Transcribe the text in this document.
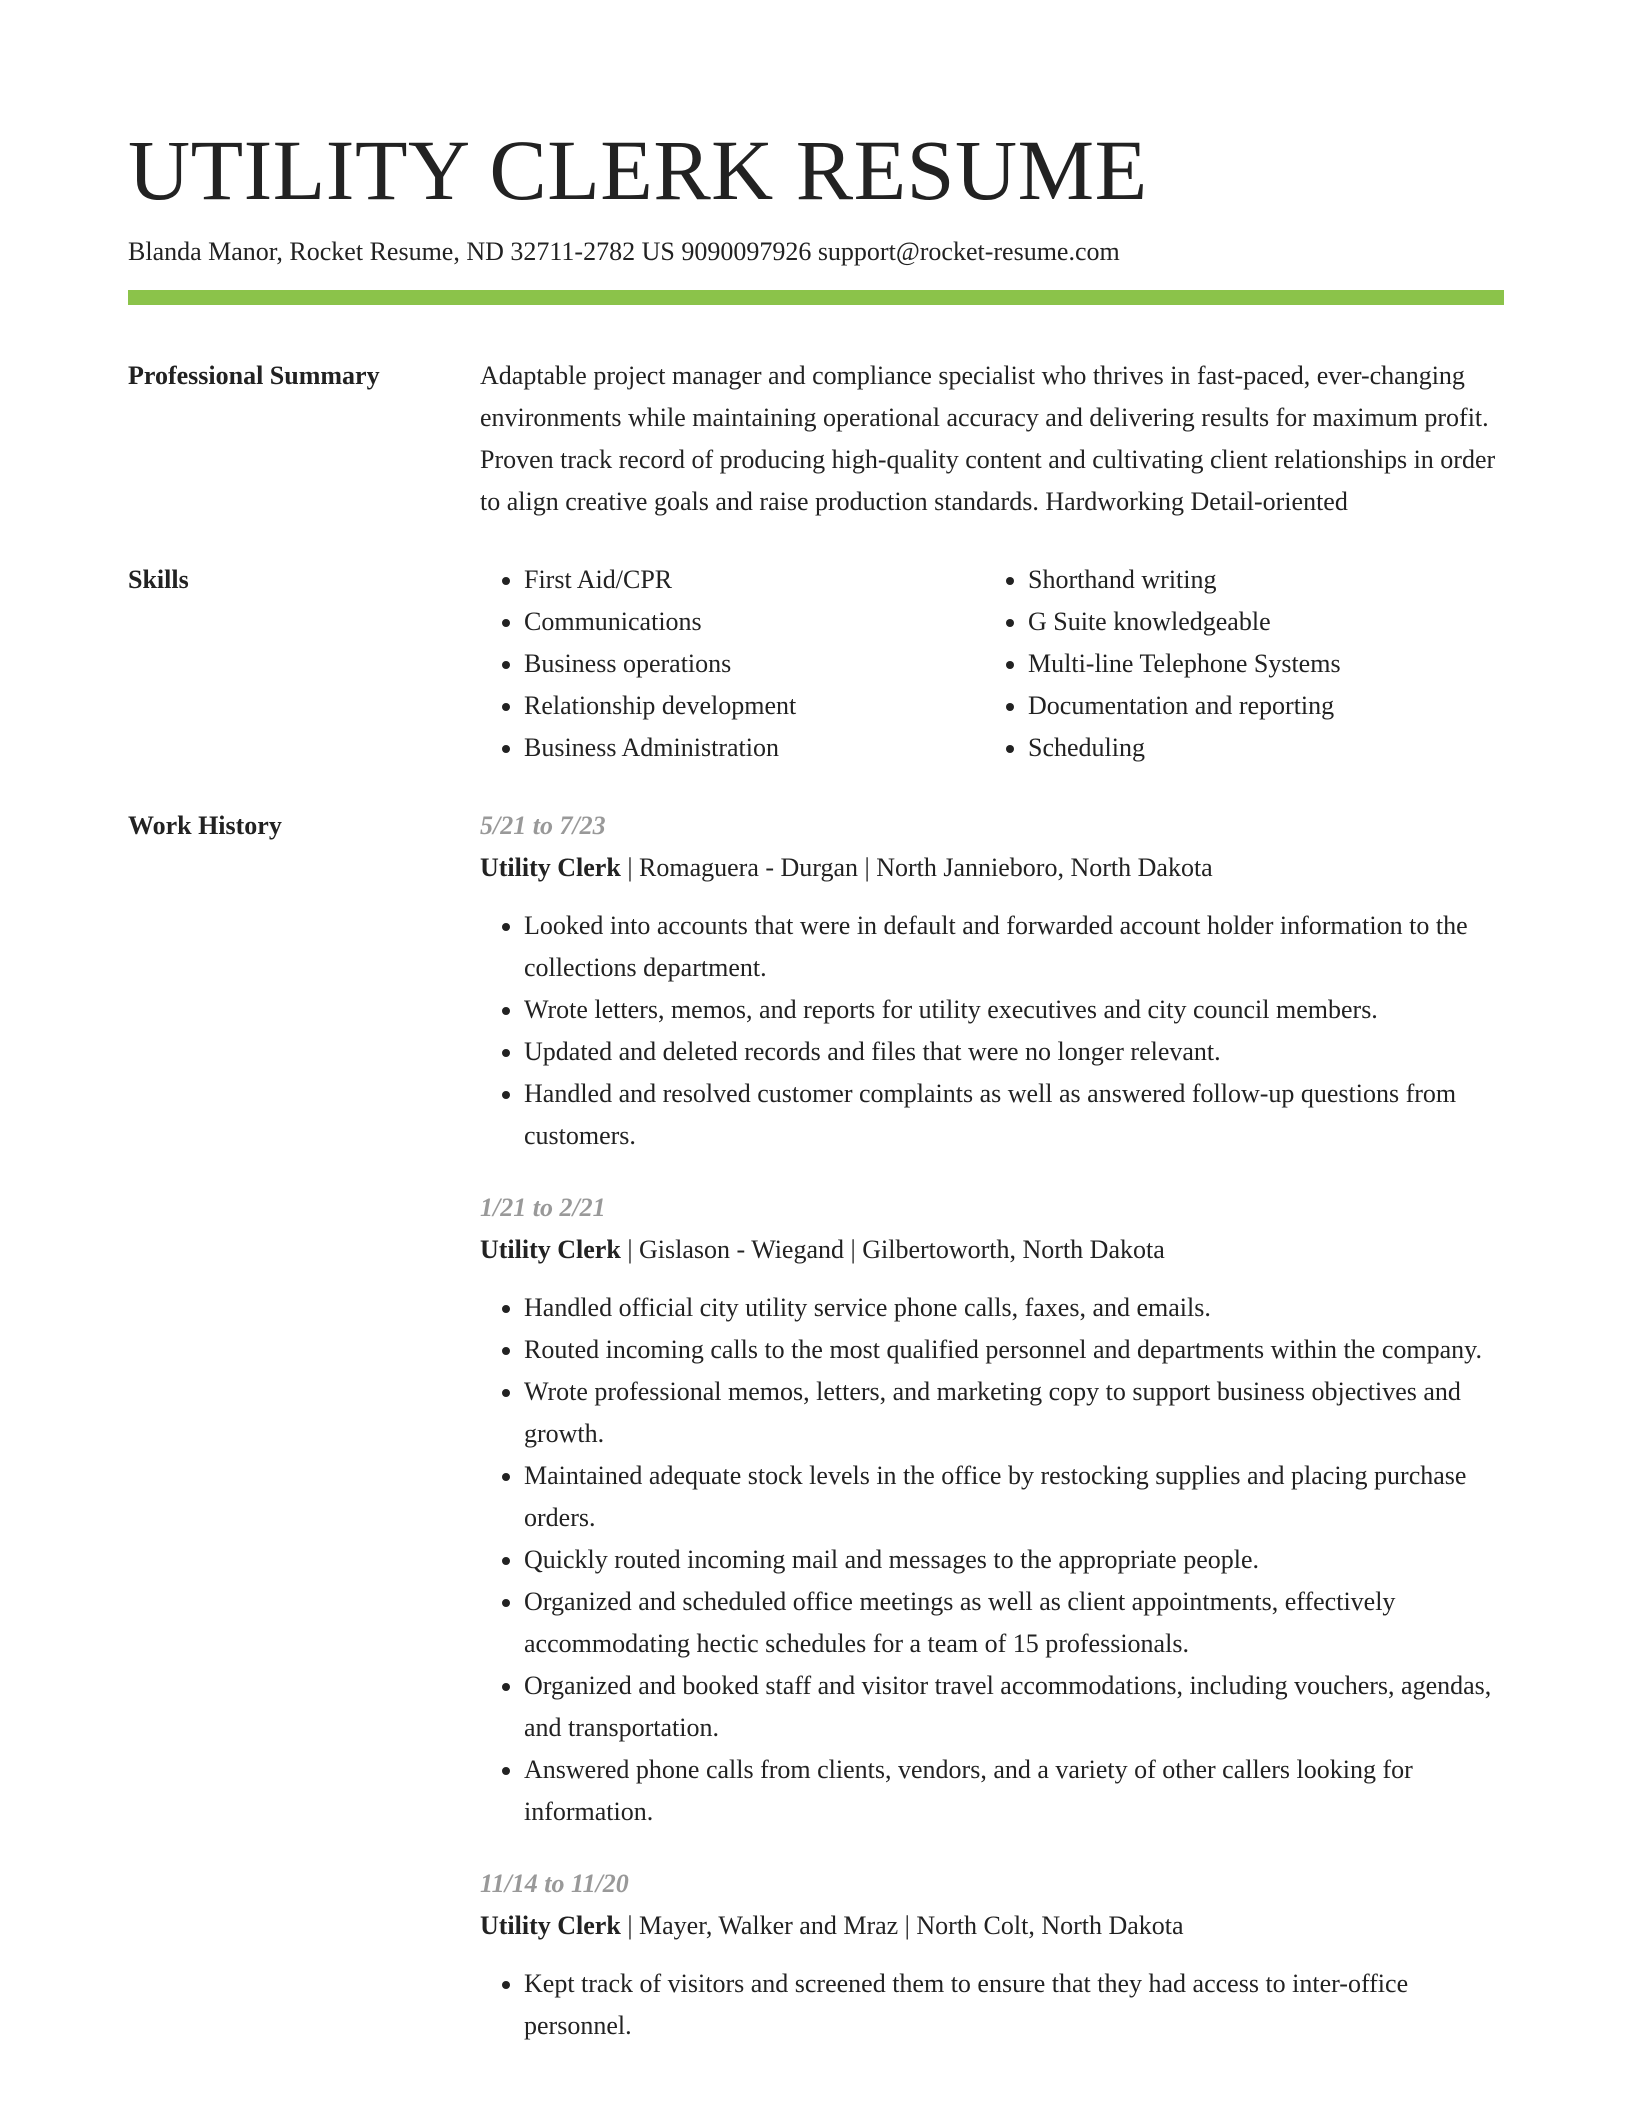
UTILITY CLERK RESUME
Blanda Manor, Rocket Resume, ND 32711-2782 US 9090097926 support@rocket-resume.com
Professional Summary	Adaptable project manager and compliance specialist who thrives in fast-paced, ever-changing environments while maintaining operational accuracy and delivering results for maximum profit. Proven track record of producing high-quality content and cultivating client relationships in order to align creative goals and raise production standards. Hardworking Detail-oriented

Skills
•	First Aid/CPR
• Communications
• Business operations
• Relationship development
• Business Administration
• Shorthand writing
• G Suite knowledgeable
• Multi-line Telephone Systems
• Documentation and reporting
• Scheduling
Work History	5/21 to 7/23
Utility Clerk | Romaguera - Durgan | North Jannieboro, North Dakota
• Looked into accounts that were in default and forwarded account holder information to the collections department.
• Wrote letters, memos, and reports for utility executives and city council members.
• Updated and deleted records and files that were no longer relevant.
• Handled and resolved customer complaints as well as answered follow-up questions from customers.
1/21 to 2/21
Utility Clerk | Gislason - Wiegand | Gilbertoworth, North Dakota
• Handled official city utility service phone calls, faxes, and emails.
• Routed incoming calls to the most qualified personnel and departments within the company.
• Wrote professional memos, letters, and marketing copy to support business objectives and growth.
• Maintained adequate stock levels in the office by restocking supplies and placing purchase orders.
• Quickly routed incoming mail and messages to the appropriate people.
• Organized and scheduled office meetings as well as client appointments, effectively accommodating hectic schedules for a team of 15 professionals.
• Organized and booked staff and visitor travel accommodations, including vouchers, agendas, and transportation.
• Answered phone calls from clients, vendors, and a variety of other callers looking for information.
11/14 to 11/20
Utility Clerk | Mayer, Walker and Mraz | North Colt, North Dakota
• Kept track of visitors and screened them to ensure that they had access to inter-office personnel.
